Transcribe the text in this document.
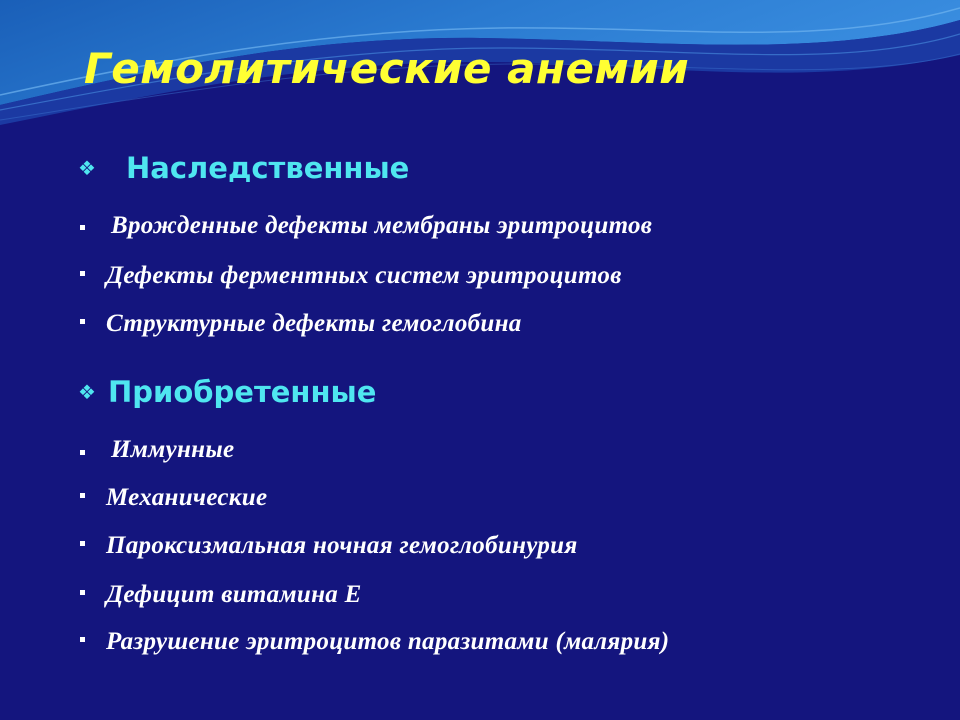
Гемолитические анемии
❖ Наследственные

Врожденные дефекты мембраны эритроцитов

Дефекты ферментных систем эритроцитов

Структурные дефекты гемоглобина

❖ Приобретенные

Иммунные

Механические

Пароксизмальная ночная гемоглобинурия

Дефицит витамина Е

Разрушение эритроцитов паразитами (малярия)
